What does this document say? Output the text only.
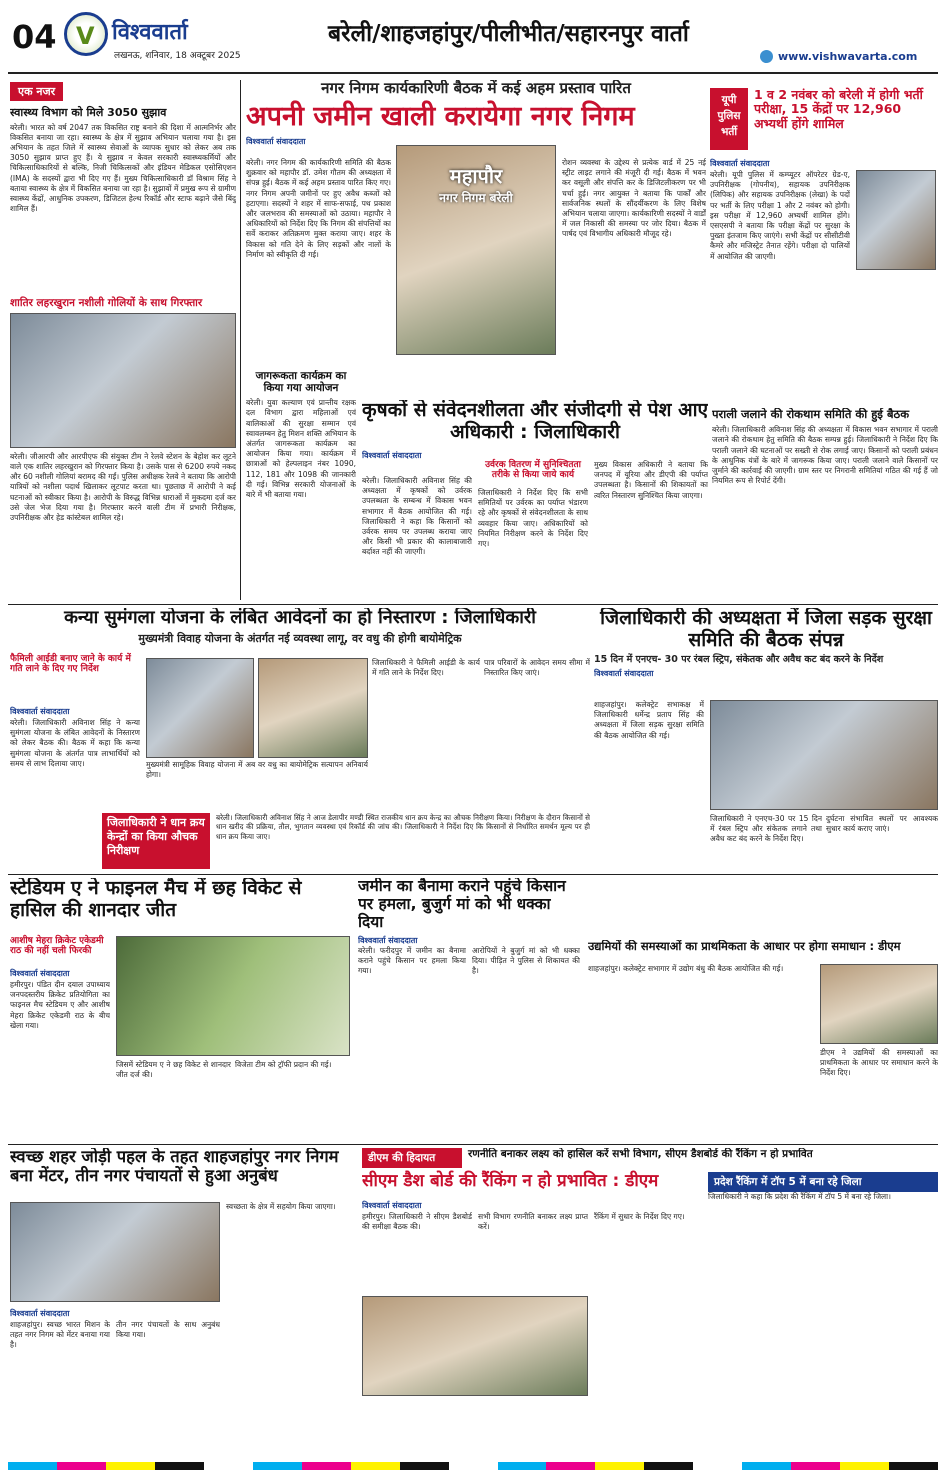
04 V विश्ववार्ता
लखनऊ, शनिवार, 18 अक्टूबर 2025
बरेली/शाहजहांपुर/पीलीभीत/सहारनपुर वार्ता
www.vishwavarta.com
एक नजर
स्वास्थ्य विभाग को मिले 3050 सुझाव
बरेली। भारत को वर्ष 2047 तक विकसित राष्ट्र बनाने की दिशा में आत्मनिर्भर और विकसित बनाया जा रहा। स्वास्थ्य के क्षेत्र में सुझाव अभियान चलाया गया है। इस अभियान के तहत जिले में स्वास्थ्य सेवाओं के व्यापक सुधार को लेकर अब तक 3050 सुझाव प्राप्त हुए हैं। ये सुझाव न केवल सरकारी स्वास्थ्यकर्मियों और चिकित्साधिकारियों से बल्कि, निजी चिकित्सकों और इंडियन मेडिकल एसोसिएशन (IMA) के सदस्यों द्वारा भी दिए गए हैं। मुख्य चिकित्साधिकारी डॉ विश्राम सिंह ने बताया स्वास्थ्य के क्षेत्र में विकसित बनाया जा रहा है। सुझावों में प्रमुख रूप से ग्रामीण स्वास्थ्य केंद्रों, आधुनिक उपकरण, डिजिटल हेल्थ रिकॉर्ड और स्टाफ बढ़ाने जैसे बिंदु शामिल हैं।
शातिर लहरखुरान नशीली गोलियों के साथ गिरफ्तार
बरेली। जीआरपी और आरपीएफ की संयुक्त टीम ने रेलवे स्टेशन के बेहोश कर लूटने वाले एक शातिर लहरखुरान को गिरफ्तार किया है। उसके पास से 6200 रुपये नकद और 60 नशीली गोलियां बरामद की गईं। पुलिस अधीक्षक रेलवे ने बताया कि आरोपी यात्रियों को नशीला पदार्थ खिलाकर लूटपाट करता था। पूछताछ में आरोपी ने कई घटनाओं को स्वीकार किया है। आरोपी के विरुद्ध विभिन्न धाराओं में मुकदमा दर्ज कर उसे जेल भेज दिया गया है। गिरफ्तार करने वाली टीम में प्रभारी निरीक्षक, उपनिरीक्षक और हेड कांस्टेबल शामिल रहे।
नगर निगम कार्यकारिणी बैठक में कई अहम प्रस्ताव पारित
अपनी जमीन खाली करायेगा नगर निगम
विश्ववार्ता संवाददाता
बरेली। नगर निगम की कार्यकारिणी समिति की बैठक शुक्रवार को महापौर डॉ. उमेश गौतम की अध्यक्षता में संपन्न हुई। बैठक में कई अहम प्रस्ताव पारित किए गए। नगर निगम अपनी जमीनों पर हुए अवैध कब्जों को हटाएगा। सदस्यों ने शहर में साफ-सफाई, पथ प्रकाश और जलभराव की समस्याओं को उठाया। महापौर ने अधिकारियों को निर्देश दिए कि निगम की संपत्तियों का सर्वे कराकर अतिक्रमण मुक्त कराया जाए। शहर के विकास को गति देने के लिए सड़कों और नालों के निर्माण को स्वीकृति दी गई।
महापौर
नगर निगम बरेली
रोशन व्यवस्था के उद्देश्य से प्रत्येक वार्ड में 25 नई स्ट्रीट लाइट लगाने की मंजूरी दी गई। बैठक में भवन कर वसूली और संपत्ति कर के डिजिटलीकरण पर भी चर्चा हुई। नगर आयुक्त ने बताया कि पार्कों और सार्वजनिक स्थलों के सौंदर्यीकरण के लिए विशेष अभियान चलाया जाएगा। कार्यकारिणी सदस्यों ने वार्डों में जल निकासी की समस्या पर जोर दिया। बैठक में पार्षद एवं विभागीय अधिकारी मौजूद रहे।
यूपी
पुलिस
भर्ती
1 व 2 नवंबर को बरेली में होगी भर्ती परीक्षा, 15 केंद्रों पर 12,960 अभ्यर्थी होंगे शामिल
विश्ववार्ता संवाददाता
बरेली। यूपी पुलिस में कम्प्यूटर ऑपरेटर ग्रेड-ए, उपनिरीक्षक (गोपनीय), सहायक उपनिरीक्षक (लिपिक) और सहायक उपनिरीक्षक (लेखा) के पदों पर भर्ती के लिए परीक्षा 1 और 2 नवंबर को होगी। इस परीक्षा में 12,960 अभ्यर्थी शामिल होंगे। एसएसपी ने बताया कि परीक्षा केंद्रों पर सुरक्षा के पुख्ता इंतजाम किए जाएंगे। सभी केंद्रों पर सीसीटीवी कैमरे और मजिस्ट्रेट तैनात रहेंगे। परीक्षा दो पालियों में आयोजित की जाएगी।
जागरूकता कार्यक्रम का किया गया आयोजन
बरेली। युवा कल्याण एवं प्रान्तीय रक्षक दल विभाग द्वारा महिलाओं एवं बालिकाओं की सुरक्षा सम्मान एवं स्वावलम्बन हेतु मिशन शक्ति अभियान के अंतर्गत जागरूकता कार्यक्रम का आयोजन किया गया। कार्यक्रम में छात्राओं को हेल्पलाइन नंबर 1090, 112, 181 और 1098 की जानकारी दी गई। विभिन्न सरकारी योजनाओं के बारे में भी बताया गया।
कृषकों से संवेदनशीलता और संजीदगी से पेश आए अधिकारी : जिलाधिकारी
विश्ववार्ता संवाददाता
बरेली। जिलाधिकारी अविनाश सिंह की अध्यक्षता में कृषकों को उर्वरक उपलब्धता के सम्बन्ध में विकास भवन सभागार में बैठक आयोजित की गई। जिलाधिकारी ने कहा कि किसानों को उर्वरक समय पर उपलब्ध कराया जाए और किसी भी प्रकार की कालाबाजारी बर्दाश्त नहीं की जाएगी।
उर्वरक वितरण में सुनिश्चितता तरीके से किया जाये कार्य
जिलाधिकारी ने निर्देश दिए कि सभी समितियों पर उर्वरक का पर्याप्त भंडारण रहे और कृषकों से संवेदनशीलता के साथ व्यवहार किया जाए। अधिकारियों को नियमित निरीक्षण करने के निर्देश दिए गए।
मुख्य विकास अधिकारी ने बताया कि जनपद में यूरिया और डीएपी की पर्याप्त उपलब्धता है। किसानों की शिकायतों का त्वरित निस्तारण सुनिश्चित किया जाएगा।
पराली जलाने की रोकथाम समिति की हुई बैठक
बरेली। जिलाधिकारी अविनाश सिंह की अध्यक्षता में विकास भवन सभागार में पराली जलाने की रोकथाम हेतु समिति की बैठक सम्पन्न हुई। जिलाधिकारी ने निर्देश दिए कि पराली जलाने की घटनाओं पर सख्ती से रोक लगाई जाए। किसानों को पराली प्रबंधन के आधुनिक यंत्रों के बारे में जागरूक किया जाए। पराली जलाने वाले किसानों पर जुर्माने की कार्रवाई की जाएगी। ग्राम स्तर पर निगरानी समितियां गठित की गई हैं जो नियमित रूप से रिपोर्ट देंगी।
कन्या सुमंगला योजना के लंबित आवेदनों का हो निस्तारण : जिलाधिकारी
मुख्यमंत्री विवाह योजना के अंतर्गत नई व्यवस्था लागू, वर वधु की होगी बायोमेट्रिक
फैमिली आईडी बनाए जाने के कार्य में गति लाने के दिए गए निर्देश
विश्ववार्ता संवाददाता
बरेली। जिलाधिकारी अविनाश सिंह ने कन्या सुमंगला योजना के लंबित आवेदनों के निस्तारण को लेकर बैठक की। बैठक में कहा कि कन्या सुमंगला योजना के अंतर्गत पात्र लाभार्थियों को समय से लाभ दिलाया जाए।	मुख्यमंत्री सामूहिक विवाह योजना में अब वर वधु का बायोमेट्रिक सत्यापन अनिवार्य होगा।
जिलाधिकारी ने फैमिली आईडी के कार्य में गति लाने के निर्देश दिए।
पात्र परिवारों के आवेदन समय सीमा में निस्तारित किए जाएं।
जिलाधिकारी ने धान क्रय केन्द्रों का किया औचक निरीक्षण
बरेली। जिलाधिकारी अविनाश सिंह ने आज डेलापीर मण्डी स्थित राजकीय धान क्रय केन्द्र का औचक निरीक्षण किया। निरीक्षण के दौरान किसानों से धान खरीद की प्रक्रिया, तौल, भुगतान व्यवस्था एवं रिकॉर्ड की जांच की। जिलाधिकारी ने निर्देश दिए कि किसानों से निर्धारित समर्थन मूल्य पर ही धान क्रय किया जाए।
जिलाधिकारी की अध्यक्षता में जिला सड़क सुरक्षा समिति की बैठक संपन्न
15 दिन में एनएच- 30 पर रंबल स्ट्रिप, संकेतक और अवैध कट बंद करने के निर्देश
विश्ववार्ता संवाददाता
शाहजहांपुर। कलेक्ट्रेट सभाकक्ष में जिलाधिकारी धर्मेन्द्र प्रताप सिंह की अध्यक्षता में जिला सड़क सुरक्षा समिति की बैठक आयोजित की गई।
जिलाधिकारी ने एनएच-30 पर 15 दिन में रंबल स्ट्रिप और संकेतक लगाने तथा अवैध कट बंद करने के निर्देश दिए।
दुर्घटना संभावित स्थलों पर आवश्यक सुधार कार्य कराए जाएं।
स्टेडियम ए ने फाइनल मैच में छह विकेट से हासिल की शानदार जीत
आशीष मेहरा क्रिकेट एकेडमी राठ की नहीं चली फिरकी
विश्ववार्ता संवाददाता
हमीरपुर। पंडित दीन दयाल उपाध्याय जनपदस्तरीय क्रिकेट प्रतियोगिता का फाइनल मैच स्टेडियम ए और आशीष मेहरा क्रिकेट एकेडमी राठ के बीच खेला गया।
जिसमें स्टेडियम ए ने छह विकेट से शानदार जीत दर्ज की।
विजेता टीम को ट्रॉफी प्रदान की गई।
जमीन का बैनामा कराने पहुंचे किसान पर हमला, बुजुर्ग मां को भी धक्का दिया
विश्ववार्ता संवाददाता
बरेली। फरीदपुर में जमीन का बैनामा कराने पहुंचे किसान पर हमला किया गया।
आरोपियों ने बुजुर्ग मां को भी धक्का दिया। पीड़ित ने पुलिस से शिकायत की है।
उद्यमियों की समस्याओं का प्राथमिकता के आधार पर होगा समाधान : डीएम
शाहजहांपुर। कलेक्ट्रेट सभागार में उद्योग बंधु की बैठक आयोजित की गई।
डीएम ने उद्यमियों की समस्याओं का प्राथमिकता के आधार पर समाधान करने के निर्देश दिए।
स्वच्छ शहर जोड़ी पहल के तहत शाहजहांपुर नगर निगम बना मेंटर, तीन नगर पंचायतों से हुआ अनुबंध
विश्ववार्ता संवाददाता
शाहजहांपुर। स्वच्छ भारत मिशन के तहत नगर निगम को मेंटर बनाया गया है।
तीन नगर पंचायतों के साथ अनुबंध किया गया।
स्वच्छता के क्षेत्र में सहयोग किया जाएगा।
डीएम की हिदायत	रणनीति बनाकर लक्ष्य को हासिल करें सभी विभाग, सीएम डैशबोर्ड की रैंकिंग न हो प्रभावित
सीएम डैश बोर्ड की रैंकिंग न हो प्रभावित : डीएम
विश्ववार्ता संवाददाता
हमीरपुर। जिलाधिकारी ने सीएम डैशबोर्ड की समीक्षा बैठक की।
सभी विभाग रणनीति बनाकर लक्ष्य प्राप्त करें।
रैंकिंग में सुधार के निर्देश दिए गए।
प्रदेश रैंकिंग में टॉप 5 में बना रहे जिला
जिलाधिकारी ने कहा कि प्रदेश की रैंकिंग में टॉप 5 में बना रहे जिला।
